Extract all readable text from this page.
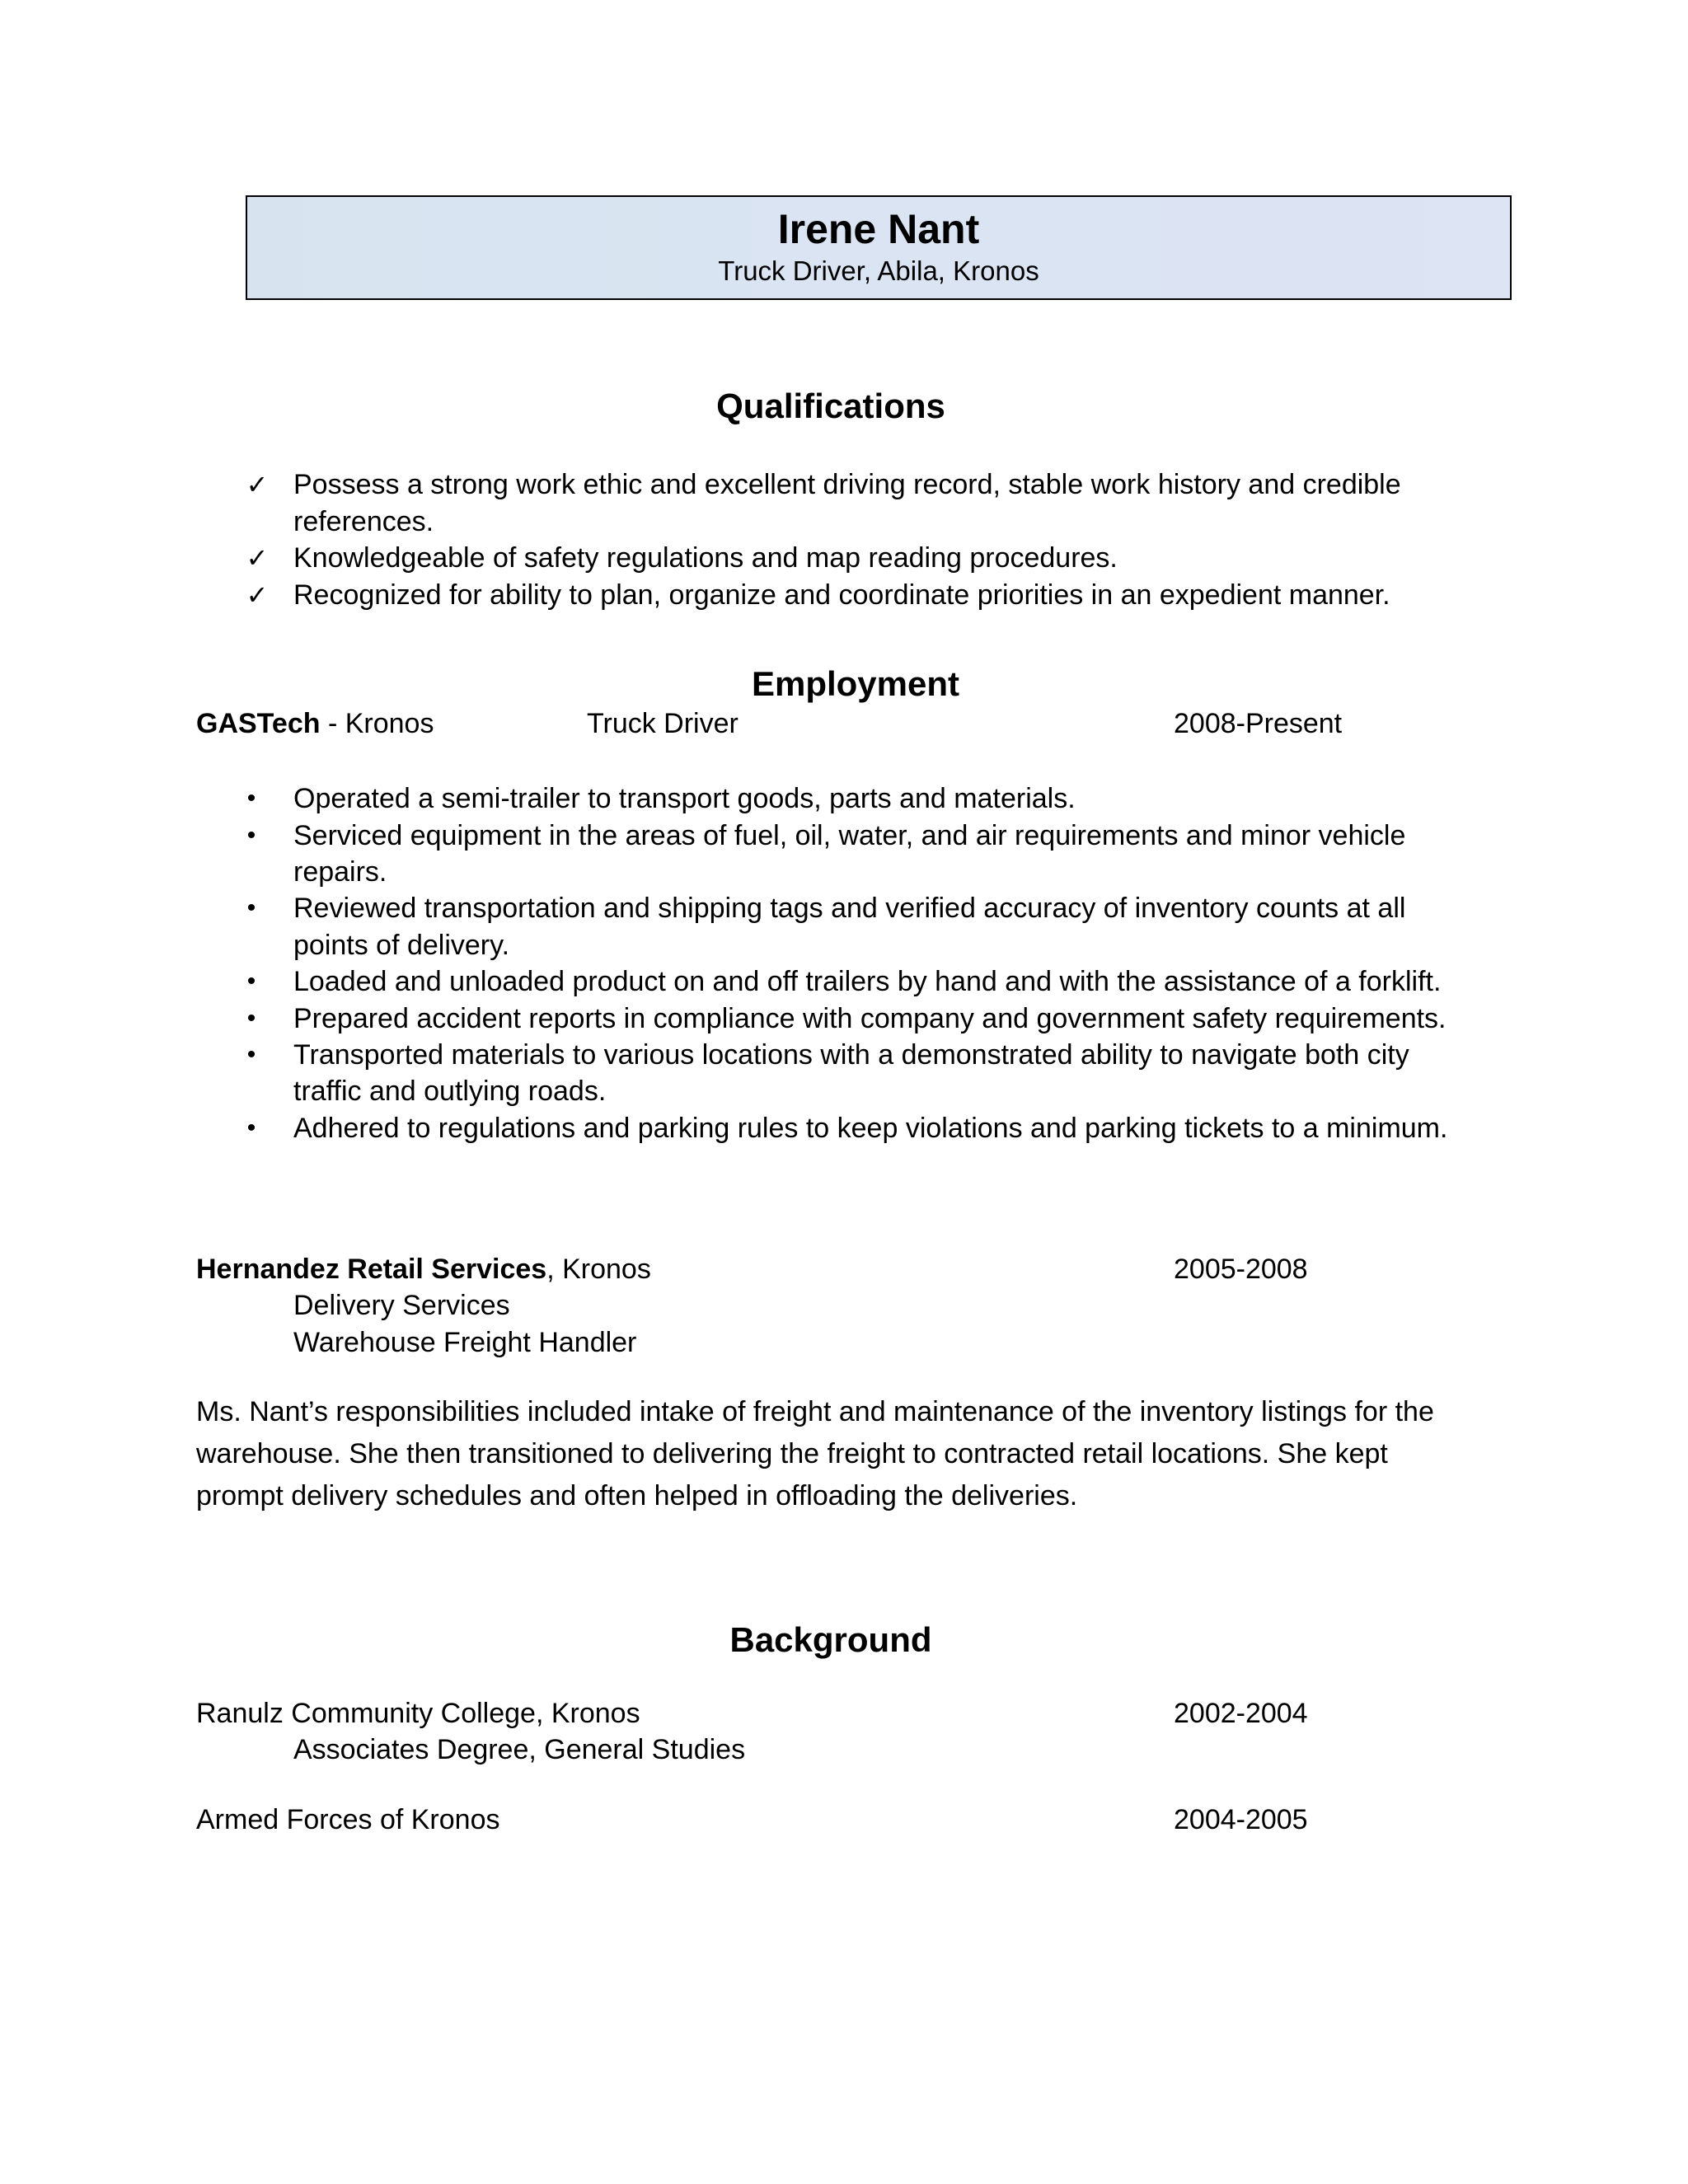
Irene Nant
Truck Driver, Abila, Kronos
Qualifications
✓ Possess a strong work ethic and excellent driving record, stable work history and credible
references.
✓ Knowledgeable of safety regulations and map reading procedures.
✓ Recognized for ability to plan, organize and coordinate priorities in an expedient manner.
Employment
GASTech - Kronos	Truck Driver	2008-Present
•	Operated a semi-trailer to transport goods, parts and materials.
•	Serviced equipment in the areas of fuel, oil, water, and air requirements and minor vehicle
repairs.
•	Reviewed transportation and shipping tags and verified accuracy of inventory counts at all
points of delivery.
•	Loaded and unloaded product on and off trailers by hand and with the assistance of a forklift.
•	Prepared accident reports in compliance with company and government safety requirements.
•	Transported materials to various locations with a demonstrated ability to navigate both city
traffic and outlying roads.
•	Adhered to regulations and parking rules to keep violations and parking tickets to a minimum.
Hernandez Retail Services, Kronos	2005-2008
Delivery Services
Warehouse Freight Handler
Ms. Nant’s responsibilities included intake of freight and maintenance of the inventory listings for the warehouse. She then transitioned to delivering the freight to contracted retail locations. She kept prompt delivery schedules and often helped in offloading the deliveries.
Background
Ranulz Community College, Kronos	2002-2004
Associates Degree, General Studies
Armed Forces of Kronos	2004-2005
